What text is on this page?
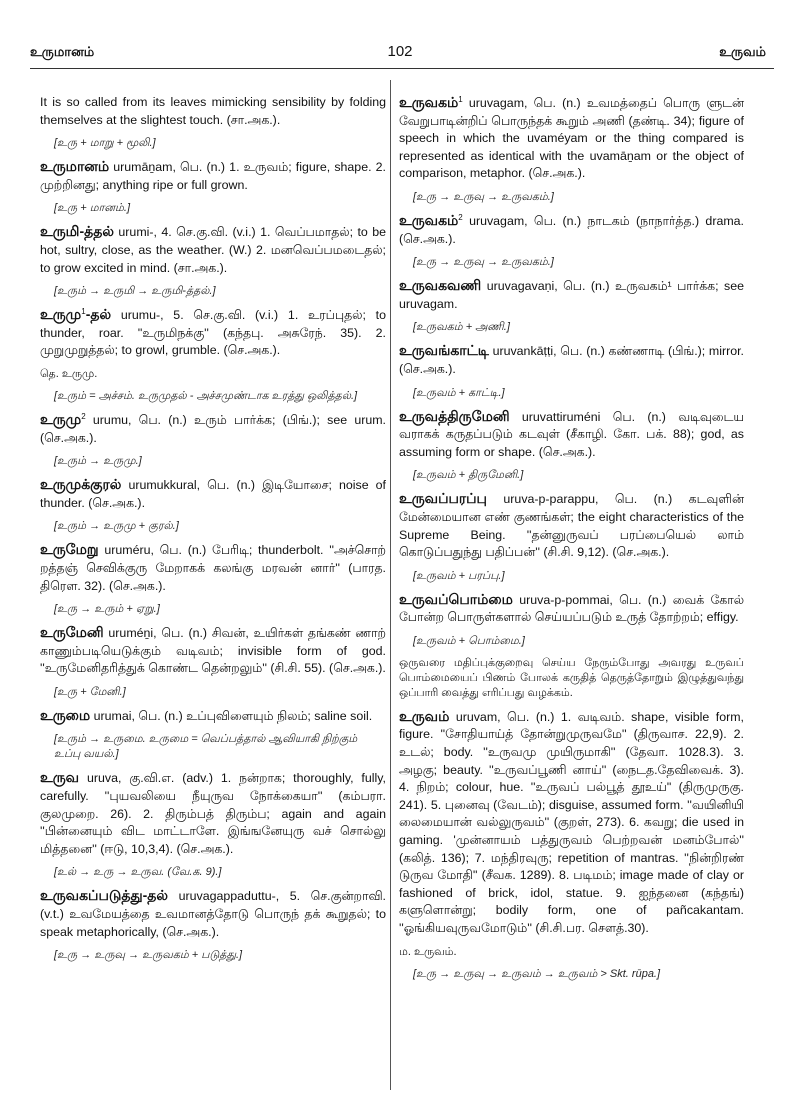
உருமானம்	102	உருவம்
It is so called from its leaves mimicking sensibility by folding themselves at the slightest touch. (சா.அக.).
[உரு + மாறு + மூலி.]
உருமானம் urumāṉam, பெ. (n.) 1. உருவம்; figure, shape. 2. முற்றினது; anything ripe or full grown.
[உரு + மானம்.]
உருமி-த்தல் urumi-, 4. செ.கு.வி. (v.i.) 1. வெப்பமாதல்; to be hot, sultry, close, as the weather. (W.) 2. மனவெப்பமடைதல்; to grow excited in mind. (சா.அக.).
[உரும் → உருமி → உருமி-த்தல்.]
உருமு$^1$-தல் urumu-, 5. செ.கு.வி. (v.i.) 1. உரப்புதல்; to thunder, roar. ''உருமிநக்கு'' (கந்தபு. அசுரேந். 35). 2. முறுமுறுத்தல்; to growl, grumble. (செ.அக.).
தெ. உருமு.
[உரும் = அச்சம். உருமுதல் - அச்சமுண்டாக உரத்து ஒலித்தல்.]
உருமு$^2$ urumu, பெ. (n.) உரும் பார்க்க; (பிங்.); see urum. (செ.அக.).
[உரும் → உருமு.]
உருமுக்குரல் urumukkural, பெ. (n.) இடியோசை; noise of thunder. (செ.அக.).
[உரும் → உருமு + குரல்.]
உருமேறு uruméru, பெ. (n.) பேரிடி; thunderbolt. ''அச்சொற் றத்தஞ் செவிக்குரு மேறாகக் கலங்கு மரவன் னார்'' (பாரத. திரௌ. 32). (செ.அக.).
[உரு → உரும் + ஏறு.]
உருமேனி uruméṉi, பெ. (n.) சிவன், உயிர்கள் தங்கண் ணாற் காணும்படியெடுக்கும் வடிவம்; invisible form of god. ''உருமேனிதரித்துக் கொண்ட தென்றலும்'' (சி.சி. 55). (செ.அக.).
[உரு + மேனி.]
உருமை urumai, பெ. (n.) உப்புவிளையும் நிலம்; saline soil.
[உரும் → உருமை. உருமை = வெப்பத்தால் ஆவியாகி நிற்கும் உப்பு வயல்.]
உருவ uruva, கு.வி.எ. (adv.) 1. நன்றாக; thoroughly, fully, carefully. ''புயவலியை நீயுருவ நோக்கையா'' (கம்பரா. குலமுறை. 26). 2. திரும்பத் திரும்ப; again and again ''பின்னையும் விட மாட்டாளே. இங்ஙனேயுரு வச் சொல்லு மித்தனை'' (ஈடு, 10,3,4). (செ.அக.).
[உல் → உரு → உருவ. (வே.க. 9).]
உருவகப்படுத்து-தல் uruvagappaduttu-, 5. செ.குன்றாவி. (v.t.) உவமேயத்தை உவமானத்தோடு பொருந் தக் கூறுதல்; to speak metaphorically, (செ.அக.).
[உரு → உருவு → உருவகம் + படுத்து.]
உருவகம்$^1$ uruvagam, பெ. (n.) உவமத்தைப் பொரு ளுடன் வேறுபாடின்றிப் பொருந்தக் கூறும் அணி (தண்டி. 34); figure of speech in which the uvaméyam or the thing compared is represented as identical with the uvamāṉam or the object of comparison, metaphor. (செ.அக.).
[உரு → உருவு → உருவகம்.]
உருவகம்$^2$ uruvagam, பெ. (n.) நாடகம் (நாநார்த்த.) drama. (செ.அக.).
[உரு → உருவு → உருவகம்.]
உருவகவணி uruvagavaṇi, பெ. (n.) உருவகம்¹ பார்க்க; see uruvagam.
[உருவகம் + அணி.]
உருவங்காட்டி uruvankāṭṭi, பெ. (n.) கண்ணாடி (பிங்.); mirror. (செ.அக.).
[உருவம் + காட்டி.]
உருவத்திருமேனி uruvattiruméni பெ. (n.) வடிவுடைய வராகக் கருதப்படும் கடவுள் (சீகாழி. கோ. பக். 88); god, as assuming form or shape. (செ.அக.).
[உருவம் + திருமேனி.]
உருவப்பரப்பு uruva-p-parappu, பெ. (n.) கடவுளின் மேன்மையான எண் குணங்கள்; the eight characteristics of the Supreme Being. ''தன்னுருவப் பரப்பையெல் லாம் கொடுப்பதுந்து பதிப்பன்'' (சி.சி. 9,12). (செ.அக.).
[உருவம் + பரப்பு.]
உருவப்பொம்மை uruva-p-pommai, பெ. (n.) வைக் கோல் போன்ற பொருள்களால் செய்யப்படும் உருத் தோற்றம்; effigy.
[உருவம் + பொம்மை.]
ஒருவரை மதிப்புக்குறைவு செய்ய நேரும்போது அவரது உருவப் பொம்மையைப் பிணம் போலக் கருதித் தெருத்தோறும் இழுத்துவந்து ஒப்பாரி வைத்து எரிப்பது வழக்கம்.
உருவம் uruvam, பெ. (n.) 1. வடிவம். shape, visible form, figure. ''சோதியாய்த் தோன்றுமுருவமே'' (திருவாச. 22,9). 2. உடல்; body. ''உருவமு முயிருமாகி'' (தேவா. 1028.3). 3. அழகு; beauty. ''உருவப்பூணி னாய்'' (நைடத.தேவிவைக். 3). 4. நிறம்; colour, hue. ''உருவப் பல்பூத் தூஉய்'' (திருமுருகு. 241). 5. புனைவு (வேடம்); disguise, assumed form. ''வயினியி லைமையான் வல்லுருவம்'' (குறள், 273). 6. கவறு; die used in gaming. 'முன்னாயம் பத்துருவம் பெற்றவன் மனம்போல்'' (கலித். 136); 7. மந்திரவுரு; repetition of mantras. ''நின்றிரண் டுருவ மோதி'' (சீவக. 1289). 8. படிமம்; image made of clay or fashioned of brick, idol, statue. 9. ஐந்தனை (கந்தங்) களுளொன்று; bodily form, one of pañcakantam. ''ஓங்கியவுருவமோடும்'' (சி.சி.பர. சௌத்.30).
ம. உருவம்.
[உரு → உருவு → உருவம் → உருவம் > Skt. rūpa.]
